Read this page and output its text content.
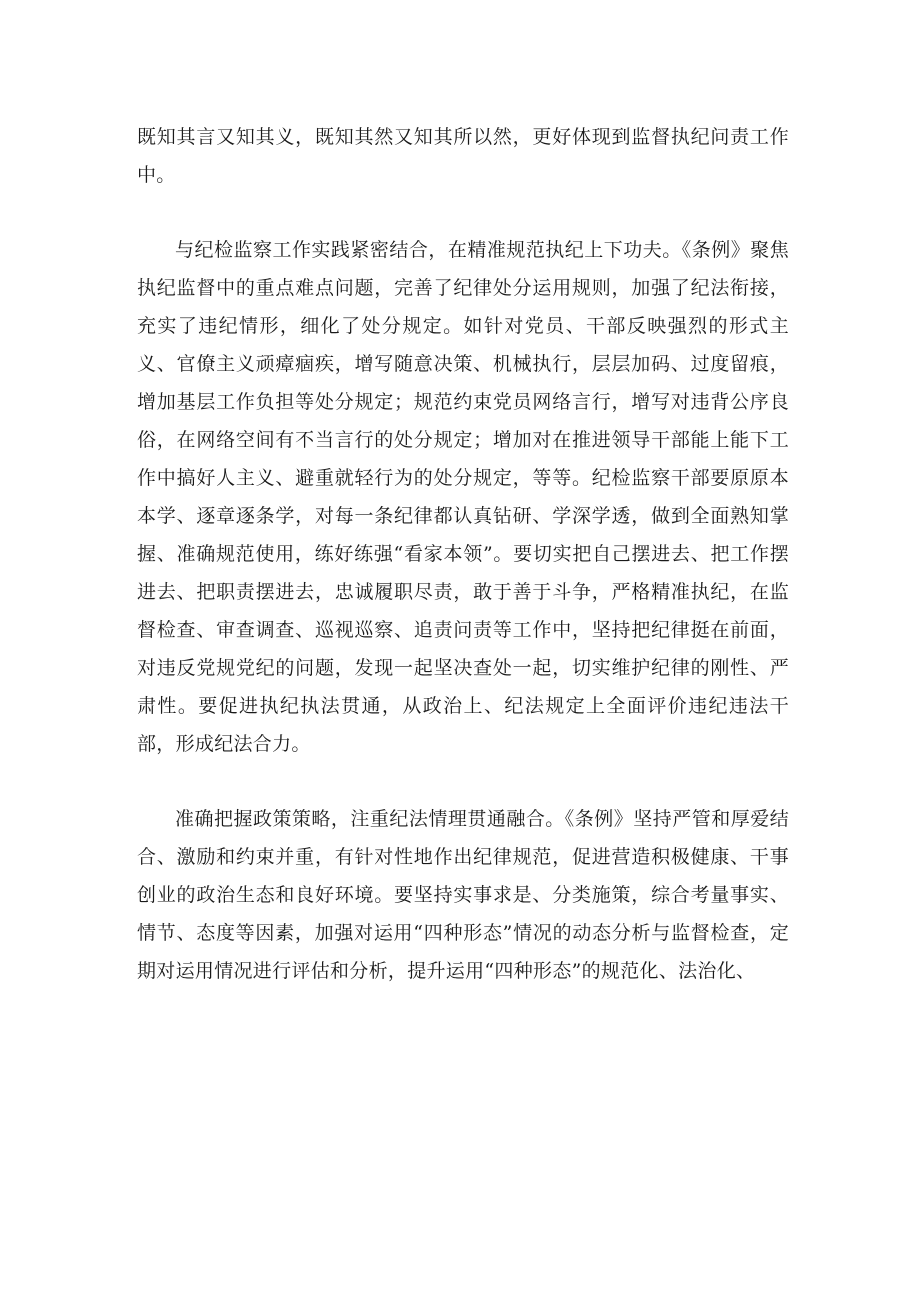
既知其言又知其义，既知其然又知其所以然，更好体现到监督执纪问责工作中。

与纪检监察工作实践紧密结合，在精准规范执纪上下功夫。《条例》聚焦执纪监督中的重点难点问题，完善了纪律处分运用规则，加强了纪法衔接，充实了违纪情形，细化了处分规定。如针对党员、干部反映强烈的形式主义、官僚主义顽瘴痼疾，增写随意决策、机械执行，层层加码、过度留痕，增加基层工作负担等处分规定；规范约束党员网络言行，增写对违背公序良俗，在网络空间有不当言行的处分规定；增加对在推进领导干部能上能下工作中搞好人主义、避重就轻行为的处分规定，等等。纪检监察干部要原原本本学、逐章逐条学，对每一条纪律都认真钻研、学深学透，做到全面熟知掌握、准确规范使用，练好练强“看家本领”。要切实把自己摆进去、把工作摆进去、把职责摆进去，忠诚履职尽责，敢于善于斗争，严格精准执纪，在监督检查、审查调查、巡视巡察、追责问责等工作中，坚持把纪律挺在前面，对违反党规党纪的问题，发现一起坚决查处一起，切实维护纪律的刚性、严肃性。要促进执纪执法贯通，从政治上、纪法规定上全面评价违纪违法干部，形成纪法合力。

准确把握政策策略，注重纪法情理贯通融合。《条例》坚持严管和厚爱结合、激励和约束并重，有针对性地作出纪律规范，促进营造积极健康、干事创业的政治生态和良好环境。要坚持实事求是、分类施策，综合考量事实、情节、态度等因素，加强对运用“四种形态”情况的动态分析与监督检查，定期对运用情况进行评估和分析，提升运用“四种形态”的规范化、法治化、
